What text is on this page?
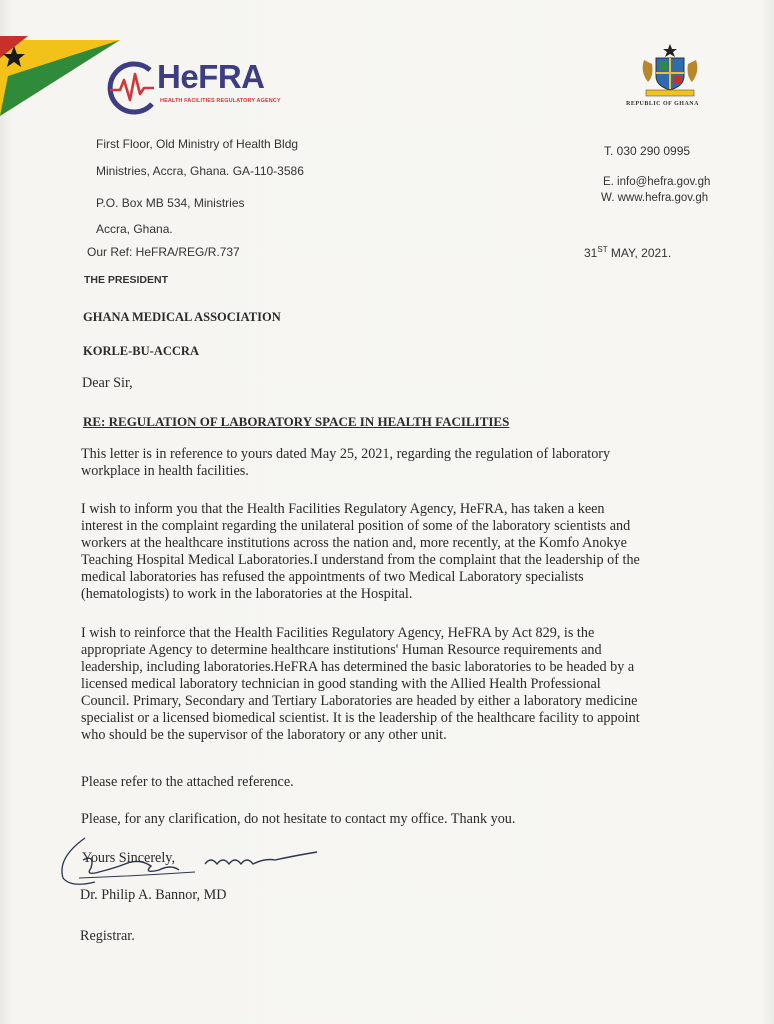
HeFRA
HEALTH FACILITIES REGULATORY AGENCY	REPUBLIC OF GHANA
First Floor, Old Ministry of Health Bldg
Ministries, Accra, Ghana. GA-110-3586
P.O. Box MB 534, Ministries
Accra, Ghana.
Our Ref: HeFRA/REG/R.737
T. 030 290 0995
E. info@hefra.gov.gh
W. www.hefra.gov.gh
31ST MAY, 2021.
THE PRESIDENT
GHANA MEDICAL ASSOCIATION
KORLE-BU-ACCRA
Dear Sir,
RE: REGULATION OF LABORATORY SPACE IN HEALTH FACILITIES
This letter is in reference to yours dated May 25, 2021, regarding the regulation of laboratory
workplace in health facilities.
I wish to inform you that the Health Facilities Regulatory Agency, HeFRA, has taken a keen
interest in the complaint regarding the unilateral position of some of the laboratory scientists and
workers at the healthcare institutions across the nation and, more recently, at the Komfo Anokye
Teaching Hospital Medical Laboratories.I understand from the complaint that the leadership of the
medical laboratories has refused the appointments of two Medical Laboratory specialists
(hematologists) to work in the laboratories at the Hospital.
I wish to reinforce that the Health Facilities Regulatory Agency, HeFRA by Act 829, is the
appropriate Agency to determine healthcare institutions' Human Resource requirements and
leadership, including laboratories.HeFRA has determined the basic laboratories to be headed by a
licensed medical laboratory technician in good standing with the Allied Health Professional
Council. Primary, Secondary and Tertiary Laboratories are headed by either a laboratory medicine
specialist or a licensed biomedical scientist. It is the leadership of the healthcare facility to appoint
who should be the supervisor of the laboratory or any other unit.
Please refer to the attached reference.
Please, for any clarification, do not hesitate to contact my office. Thank you.
Yours Sincerely,
Dr. Philip A. Bannor, MD
Registrar.
